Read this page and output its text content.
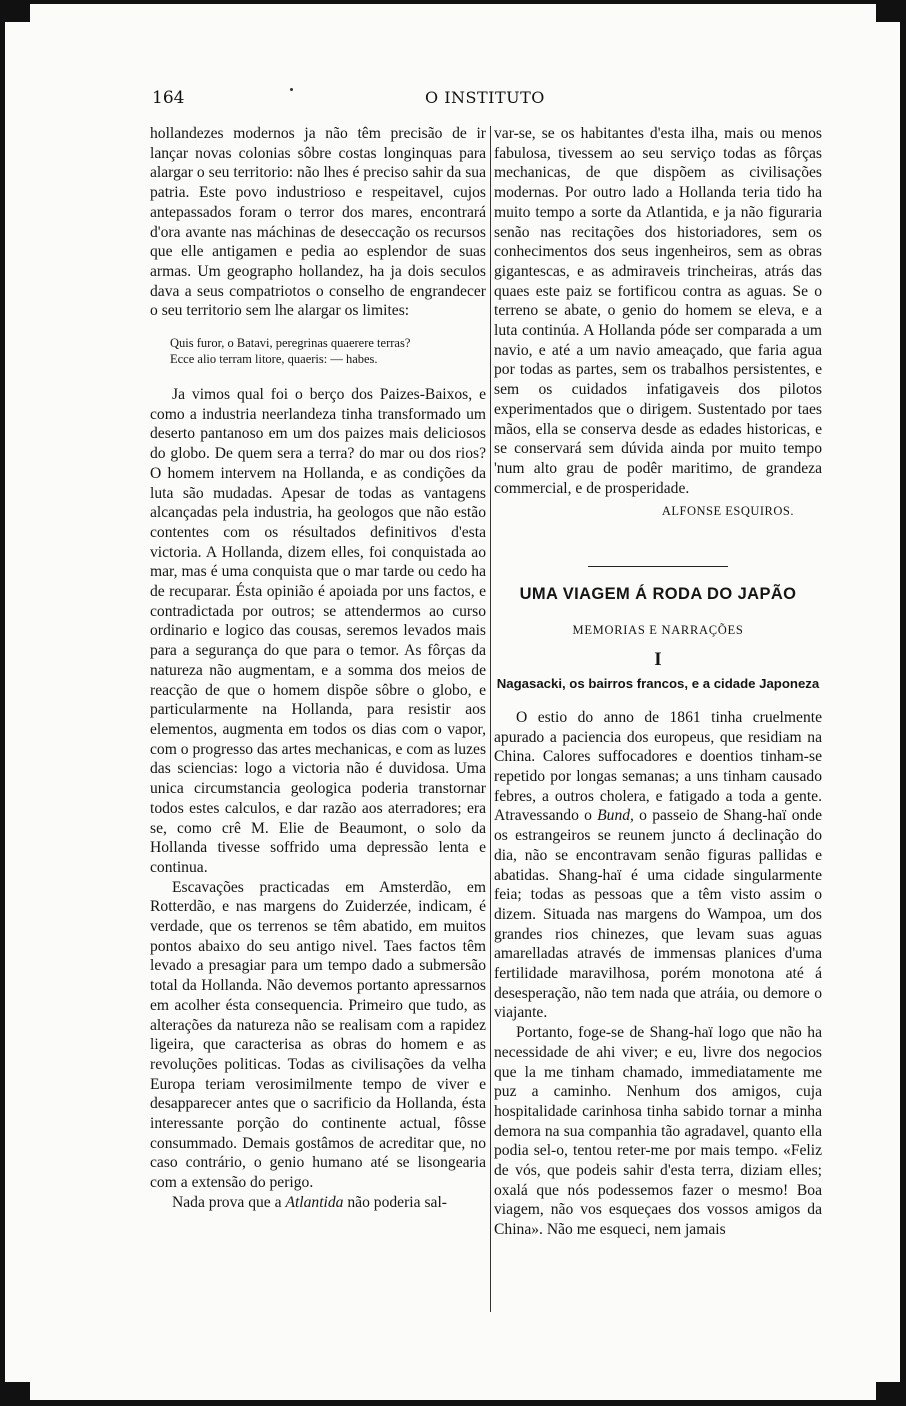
164	O INSTITUTO

hollandezes modernos ja não têm precisão de ir lançar novas colonias sôbre costas longinquas para alargar o seu territorio: não lhes é preciso sahir da sua patria. Este povo industrioso e respeitavel, cujos antepassados foram o terror dos mares, encontrará d'ora avante nas máchinas de deseccação os recursos que elle antigamen e pedia ao esplendor de suas armas. Um geographo hollandez, ha ja dois seculos dava a seus compatriotos o conselho de engrandecer o seu territorio sem lhe alargar os limites:

Quis furor, o Batavi, peregrinas quaerere terras?
Ecce alio terram litore, quaeris: — habes.

Ja vimos qual foi o berço dos Paizes-Baixos, e como a industria neerlandeza tinha transformado um deserto pantanoso em um dos paizes mais deliciosos do globo. De quem sera a terra? do mar ou dos rios? O homem intervem na Hollanda, e as condições da luta são mudadas. Apesar de todas as vantagens alcançadas pela industria, ha geologos que não estão contentes com os résultados definitivos d'esta victoria. A Hollanda, dizem elles, foi conquistada ao mar, mas é uma conquista que o mar tarde ou cedo ha de recuparar. Ésta opinião é apoiada por uns factos, e contradictada por outros; se attendermos ao curso ordinario e logico das cousas, seremos levados mais para a segurança do que para o temor. As fôrças da natureza não augmentam, e a somma dos meios de reacção de que o homem dispõe sôbre o globo, e particularmente na Hollanda, para resistir aos elementos, augmenta em todos os dias com o vapor, com o progresso das artes mechanicas, e com as luzes das sciencias: logo a victoria não é duvidosa. Uma unica circumstancia geologica poderia transtornar todos estes calculos, e dar razão aos aterradores; era se, como crê M. Elie de Beaumont, o solo da Hollanda tivesse soffrido uma depressão lenta e continua.

Escavações practicadas em Amsterdão, em Rotterdão, e nas margens do Zuiderzée, indicam, é verdade, que os terrenos se têm abatido, em muitos pontos abaixo do seu antigo nivel. Taes factos têm levado a presagiar para um tempo dado a submersão total da Hollanda. Não devemos portanto apressarnos em acolher ésta consequencia. Primeiro que tudo, as alterações da natureza não se realisam com a rapidez ligeira, que caracterisa as obras do homem e as revoluções politicas. Todas as civilisações da velha Europa teriam verosimilmente tempo de viver e desapparecer antes que o sacrificio da Hollanda, ésta interessante porção do continente actual, fôsse consummado. Demais gostâmos de acreditar que, no caso contrário, o genio humano até se lisongearia com a extensão do perigo.

Nada prova que a Atlantida não poderia sal-

var-se, se os habitantes d'esta ilha, mais ou menos fabulosa, tivessem ao seu serviço todas as fôrças mechanicas, de que dispõem as civilisações modernas. Por outro lado a Hollanda teria tido ha muito tempo a sorte da Atlantida, e ja não figuraria senão nas recitações dos historiadores, sem os conhecimentos dos seus ingenheiros, sem as obras gigantescas, e as admiraveis trincheiras, atrás das quaes este paiz se fortificou contra as aguas. Se o terreno se abate, o genio do homem se eleva, e a luta continúa. A Hollanda póde ser comparada a um navio, e até a um navio ameaçado, que faria agua por todas as partes, sem os trabalhos persistentes, e sem os cuidados infatigaveis dos pilotos experimentados que o dirigem. Sustentado por taes mãos, ella se conserva desde as edades historicas, e se conservará sem dúvida ainda por muito tempo 'num alto grau de podêr maritimo, de grandeza commercial, e de prosperidade.

ALFONSE ESQUIROS.
UMA VIAGEM Á RODA DO JAPÃO
MEMORIAS E NARRAÇÕES
I
Nagasacki, os bairros francos, e a cidade Japoneza

O estio do anno de 1861 tinha cruelmente apurado a paciencia dos europeus, que residiam na China. Calores suffocadores e doentios tinham-se repetido por longas semanas; a uns tinham causado febres, a outros cholera, e fatigado a toda a gente. Atravessando o Bund, o passeio de Shang-haï onde os estrangeiros se reunem juncto á declinação do dia, não se encontravam senão figuras pallidas e abatidas. Shang-haï é uma cidade singularmente feia; todas as pessoas que a têm visto assim o dizem. Situada nas margens do Wampoa, um dos grandes rios chinezes, que levam suas aguas amarelladas através de immensas planices d'uma fertilidade maravilhosa, porém monotona até á desesperação, não tem nada que atráia, ou demore o viajante.

Portanto, foge-se de Shang-haï logo que não ha necessidade de ahi viver; e eu, livre dos negocios que la me tinham chamado, immediatamente me puz a caminho. Nenhum dos amigos, cuja hospitalidade carinhosa tinha sabido tornar a minha demora na sua companhia tão agradavel, quanto ella podia sel-o, tentou reter-me por mais tempo. «Feliz de vós, que podeis sahir d'esta terra, diziam elles; oxalá que nós podessemos fazer o mesmo! Boa viagem, não vos esqueçaes dos vossos amigos da China». Não me esqueci, nem jamais
